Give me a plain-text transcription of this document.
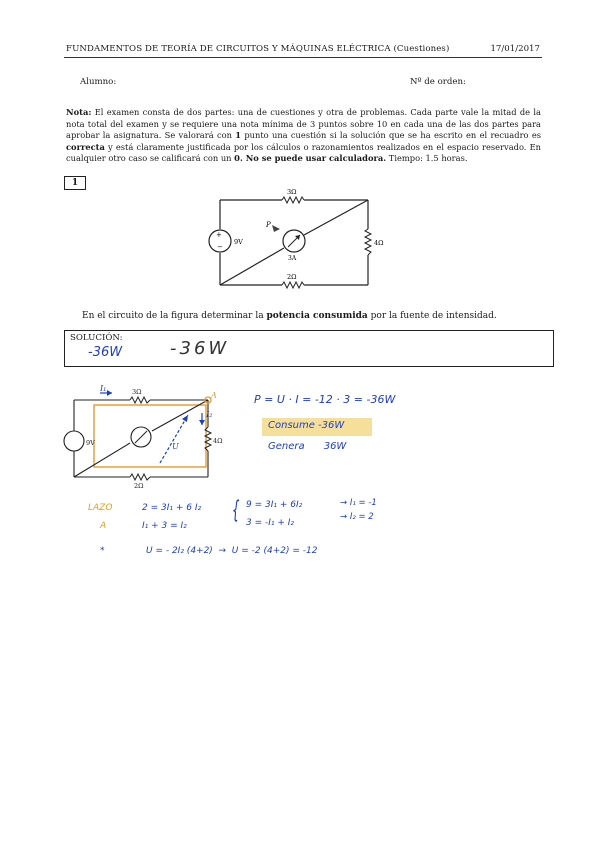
FUNDAMENTOS DE TEORÍA DE CIRCUITOS Y MÁQUINAS ELÉCTRICA (Cuestiones)	17/01/2017
Alumno:	Nº de orden:
Nota: El examen consta de dos partes: una de cuestiones y otra de problemas. Cada parte vale la mitad de la nota total del examen y se requiere una nota mínima de 3 puntos sobre 10 en cada una de las dos partes para aprobar la asignatura. Se valorará con 1 punto una cuestión si la solución que se ha escrito en el recuadro es correcta y está claramente justificada por los cálculos o razonamientos realizados en el espacio reservado. En cualquier otro caso se calificará con un 0. No se puede usar calculadora. Tiempo: 1.5 horas.
1
+
−
3Ω
2Ω
4Ω
9V
P
3A
En el circuito de la figura determinar la potencia consumida por la fuente de intensidad.
SOLUCIÓN:
-36W	-36W
3Ω
2Ω
4Ω
9V
I₁
I₂
A
U
P = U · I = -12 · 3 = -36W
Consume -36W
Genera      36W
LAZO	2 = 3I₁ + 6 I₂
A	I₁ + 3 = I₂
{ 9 = 3I₁ + 6I₂
3 = -I₁ + I₂
→ I₁ = -1
→ I₂ = 2
*	U = - 2I₂ (4+2)  →  U = -2 (4+2) = -12
